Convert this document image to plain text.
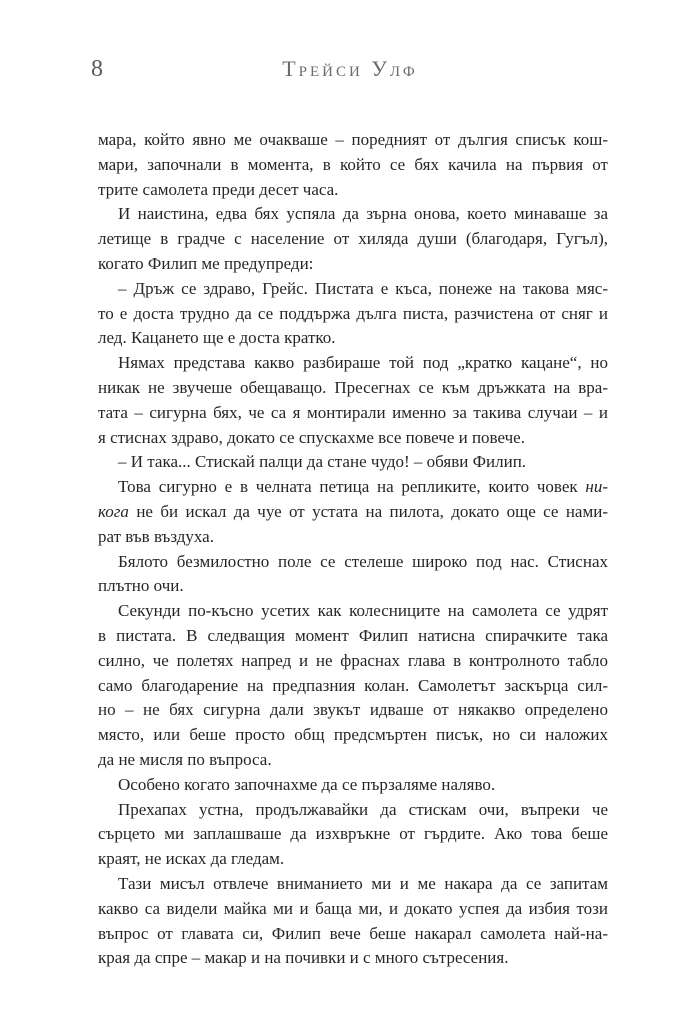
8	Трейси Улф
мара, който явно ме очакваше – поредният от дългия списък кош-
мари, започнали в момента, в който се бях качила на първия от
трите самолета преди десет часа.
И наистина, едва бях успяла да зърна онова, което минаваше за
летище в градче с население от хиляда души (благодаря, Гугъл),
когато Филип ме предупреди:
– Дръж се здраво, Грейс. Пистата е къса, понеже на такова мяс-
то е доста трудно да се поддържа дълга писта, разчистена от сняг и
лед. Кацането ще е доста кратко.
Нямах представа какво разбираше той под „кратко кацане“, но
никак не звучеше обещаващо. Пресегнах се към дръжката на вра-
тата – сигурна бях, че са я монтирали именно за такива случаи – и
я стиснах здраво, докато се спускахме все повече и повече.
– И така... Стискай палци да стане чудо! – обяви Филип.
Това сигурно е в челната петица на репликите, които човек ни-
кога не би искал да чуе от устата на пилота, докато още се нами-
рат във въздуха.
Бялото безмилостно поле се стелеше широко под нас. Стиснах
плътно очи.
Секунди по-късно усетих как колесниците на самолета се удрят
в пистата. В следващия момент Филип натисна спирачките така
силно, че полетях напред и не фраснах глава в контролното табло
само благодарение на предпазния колан. Самолетът заскърца сил-
но – не бях сигурна дали звукът идваше от някакво определено
място, или беше просто общ предсмъртен писък, но си наложих
да не мисля по въпроса.
Особено когато започнахме да се пързаляме наляво.
Прехапах устна, продължавайки да стискам очи, въпреки че
сърцето ми заплашваше да изхвръкне от гърдите. Ако това беше
краят, не исках да гледам.
Тази мисъл отвлече вниманието ми и ме накара да се запитам
какво са видели майка ми и баща ми, и докато успея да избия този
въпрос от главата си, Филип вече беше накарал самолета най-на-
края да спре – макар и на почивки и с много сътресения.
